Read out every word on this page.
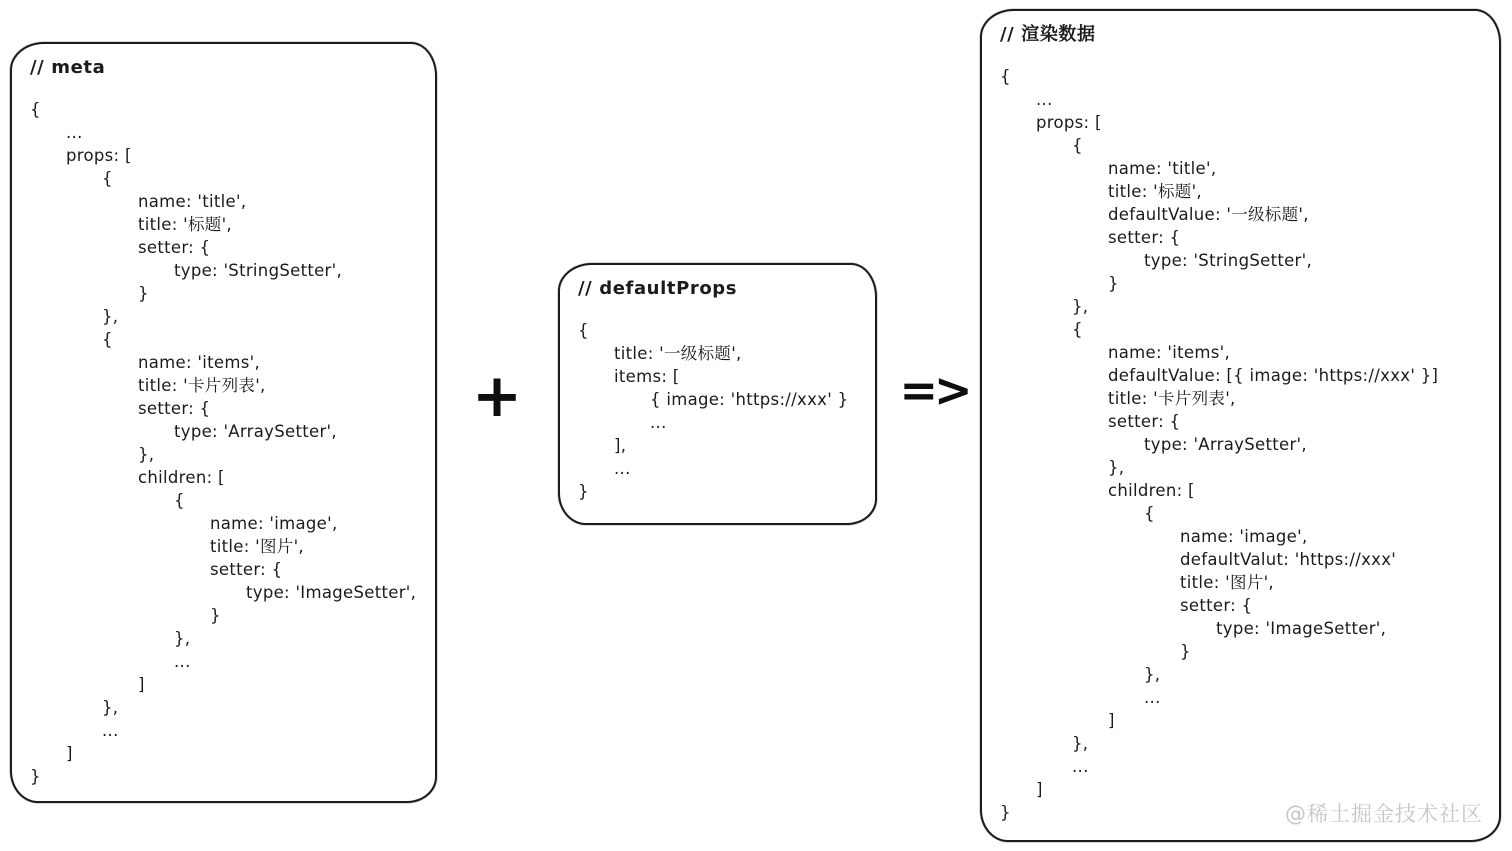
// meta
{
...
props: [
{
name: 'title',
title: '标题',
setter: {
type: 'StringSetter',
}
},
{
name: 'items',
title: '卡片列表',
setter: {
type: 'ArraySetter',
},
children: [
{
name: 'image',
title: '图片',
setter: {
type: 'ImageSetter',
}
},
...
]
},
...
]
}
+
// defaultProps
{
title: '一级标题',
items: [
{ image: 'https://xxx' }
...
],
...
}
=>
// 渲染数据
{
...
props: [
{
name: 'title',
title: '标题',
defaultValue: '一级标题',
setter: {
type: 'StringSetter',
}
},
{
name: 'items',
defaultValue: [{ image: 'https://xxx' }]
title: '卡片列表',
setter: {
type: 'ArraySetter',
},
children: [
{
name: 'image',
defaultValut: 'https://xxx'
title: '图片',
setter: {
type: 'ImageSetter',
}
},
...
]
},
...
]
}	@稀土掘金技术社区
